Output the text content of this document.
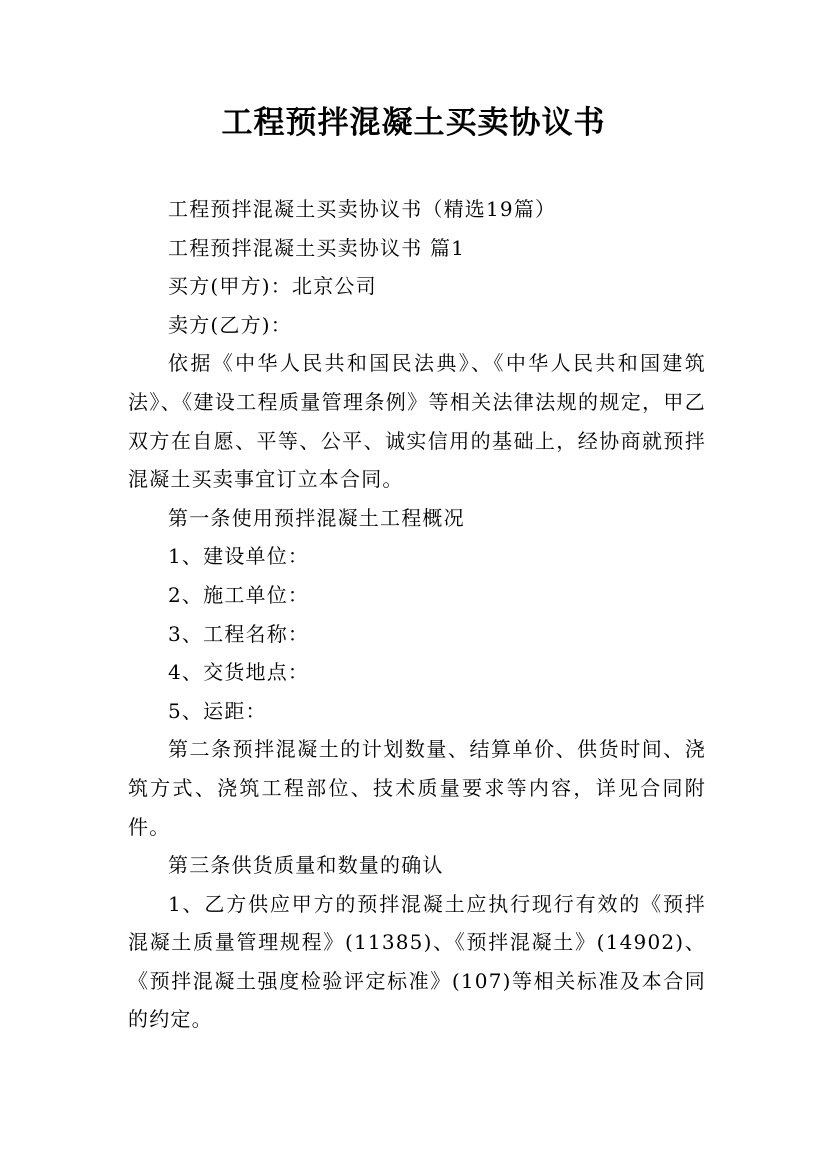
工程预拌混凝土买卖协议书

工程预拌混凝土买卖协议书（精选19篇）

工程预拌混凝土买卖协议书 篇1

买方(甲方)：北京公司

卖方(乙方)：

依据《中华人民共和国民法典》、《中华人民共和国建筑法》、《建设工程质量管理条例》等相关法律法规的规定，甲乙双方在自愿、平等、公平、诚实信用的基础上，经协商就预拌混凝土买卖事宜订立本合同。

第一条使用预拌混凝土工程概况

1、建设单位：

2、施工单位：

3、工程名称：

4、交货地点：

5、运距：

第二条预拌混凝土的计划数量、结算单价、供货时间、浇筑方式、浇筑工程部位、技术质量要求等内容，详见合同附件。

第三条供货质量和数量的确认

1、乙方供应甲方的预拌混凝土应执行现行有效的《预拌混凝土质量管理规程》(11385)、《预拌混凝土》(14902)、《预拌混凝土强度检验评定标准》(107)等相关标准及本合同的约定。
